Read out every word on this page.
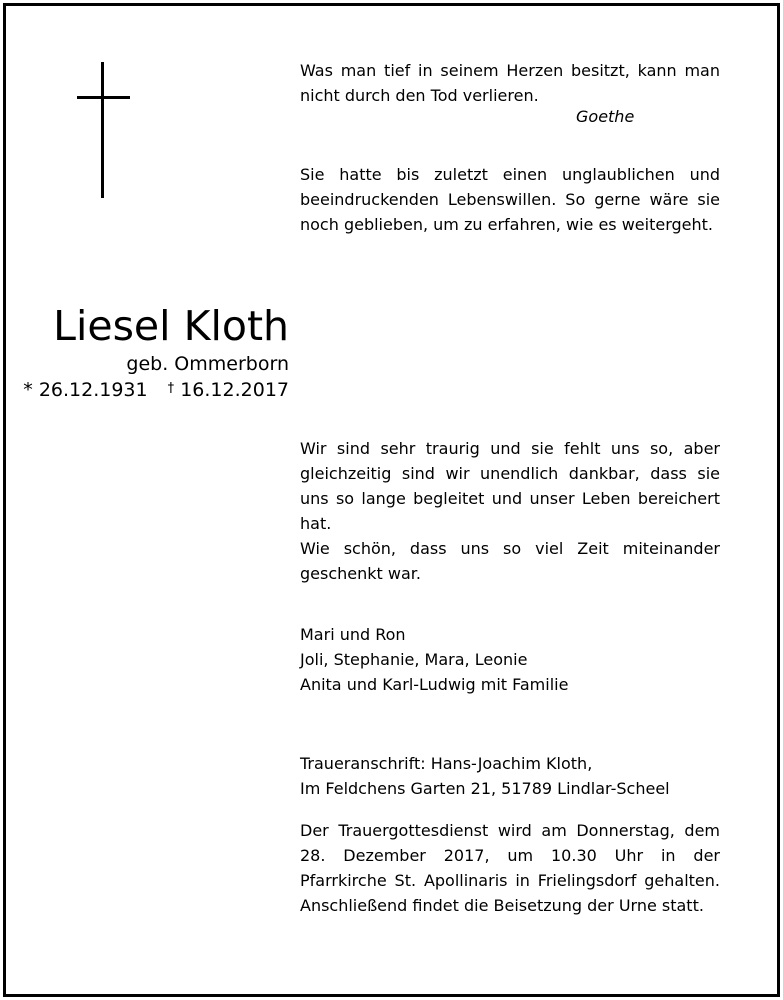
Was man tief in seinem Herzen besitzt, kann man nicht durch den Tod verlieren.
Goethe
Sie hatte bis zuletzt einen unglaublichen und beeindruckenden Lebenswillen. So gerne wäre sie noch geblieben, um zu erfahren, wie es weitergeht.
Liesel Kloth
geb. Ommerborn
* 26.12.1931 † 16.12.2017
Wir sind sehr traurig und sie fehlt uns so, aber gleichzeitig sind wir unendlich dankbar, dass sie uns so lange begleitet und unser Leben bereichert hat.
Wie schön, dass uns so viel Zeit miteinander geschenkt war.
Mari und Ron
Joli, Stephanie, Mara, Leonie
Anita und Karl-Ludwig mit Familie
Traueranschrift: Hans-Joachim Kloth,
Im Feldchens Garten 21, 51789 Lindlar-Scheel
Der Trauergottesdienst wird am Donnerstag, dem 28. Dezember 2017, um 10.30 Uhr in der Pfarrkirche St. Apollinaris in Frielingsdorf gehalten. Anschließend findet die Beisetzung der Urne statt.
